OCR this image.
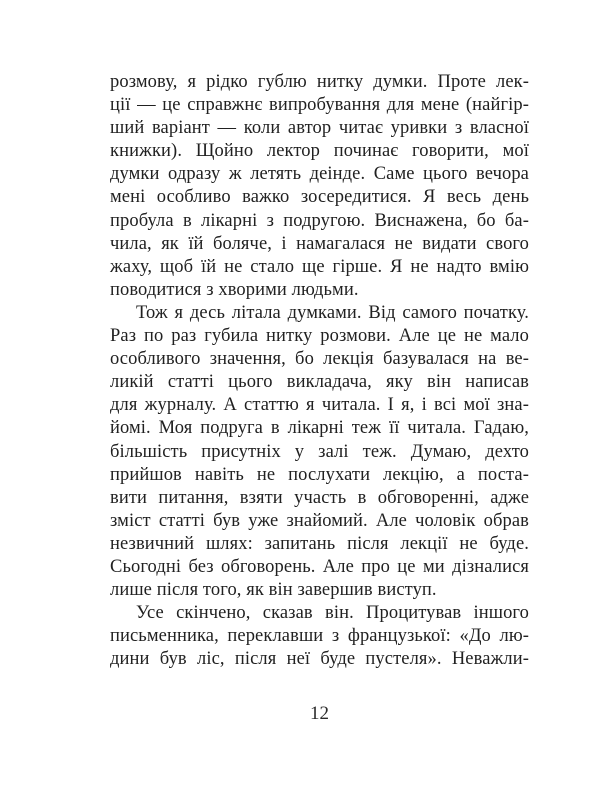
розмову, я рідко гублю нитку думки. Проте лек-
ції — це справжнє випробування для мене (найгір-
ший варіант — коли автор читає уривки з власної
книжки). Щойно лектор починає говорити, мої
думки одразу ж летять деінде. Саме цього вечора
мені особливо важко зосередитися. Я весь день
пробула в лікарні з подругою. Виснажена, бо ба-
чила, як їй боляче, і намагалася не видати свого
жаху, щоб їй не стало ще гірше. Я не надто вмію
поводитися з хворими людьми.
Тож я десь літала думками. Від самого початку.
Раз по раз губила нитку розмови. Але це не мало
особливого значення, бо лекція базувалася на ве-
ликій статті цього викладача, яку він написав
для журналу. А статтю я читала. І я, і всі мої зна-
йомі. Моя подруга в лікарні теж її читала. Гадаю,
більшість присутніх у залі теж. Думаю, дехто
прийшов навіть не послухати лекцію, а поста-
вити питання, взяти участь в обговоренні, адже
зміст статті був уже знайомий. Але чоловік обрав
незвичний шлях: запитань після лекції не буде.
Сьогодні без обговорень. Але про це ми дізналися
лише після того, як він завершив виступ.
Усе скінчено, сказав він. Процитував іншого
письменника, переклавши з французької: «До лю-
дини був ліс, після неї буде пустеля». Неважли-
12
